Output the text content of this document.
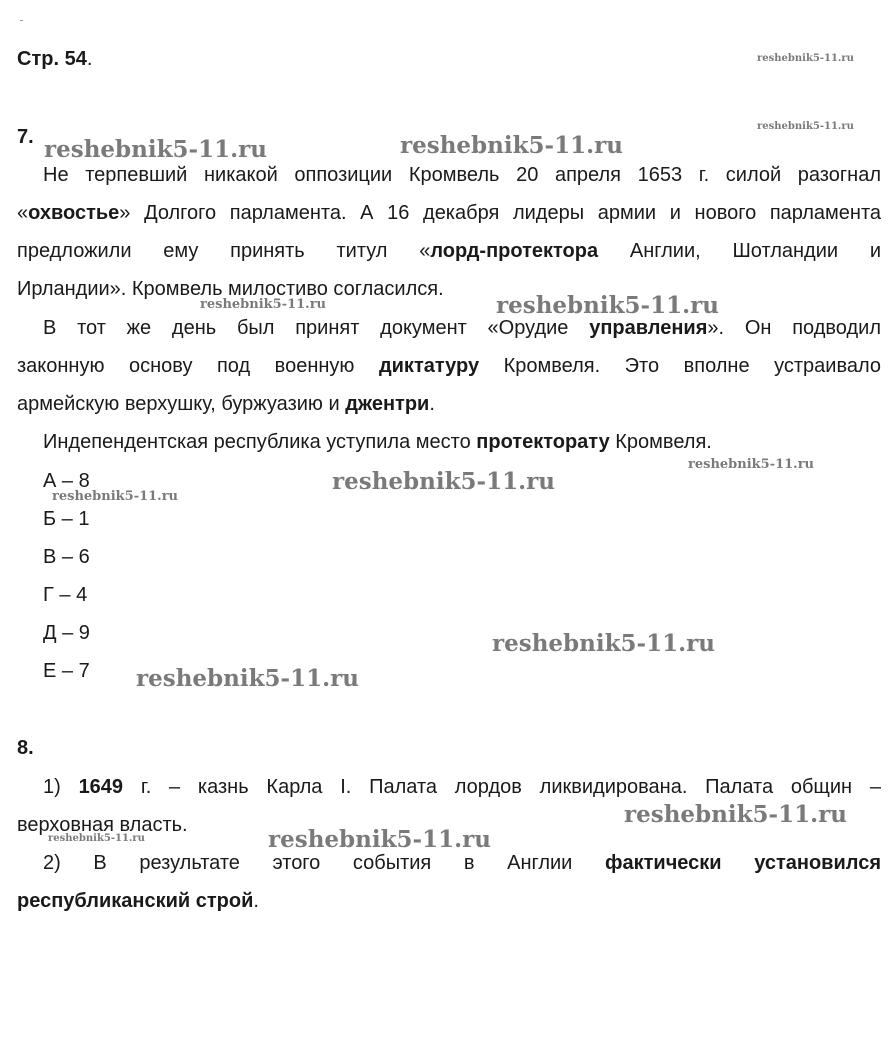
Стр. 54.
7.
Не терпевший никакой оппозиции Кромвель 20 апреля 1653 г. силой разогнал
«охвостье» Долгого парламента. А 16 декабря лидеры армии и нового парламента
предложили ему принять титул «лорд-протектора Англии, Шотландии и
Ирландии». Кромвель милостиво согласился.
В тот же день был принят документ «Орудие управления». Он подводил
законную основу под военную диктатуру Кромвеля. Это вполне устраивало
армейскую верхушку, буржуазию и джентри.
Индепендентская республика уступила место протекторату Кромвеля.
А – 8
Б – 1
В – 6
Г – 4
Д – 9
Е – 7
8.
1) 1649 г. – казнь Карла I. Палата лордов ликвидирована. Палата общин –
верховная власть.
2) В результате этого события в Англии фактически установился
республиканский строй.
reshebnik5-11.ru
reshebnik5-11.ru
reshebnik5-11.ru	reshebnik5-11.ru
reshebnik5-11.ru	reshebnik5-11.ru
reshebnik5-11.ru
reshebnik5-11.ru
reshebnik5-11.ru
reshebnik5-11.ru
reshebnik5-11.ru
reshebnik5-11.ru
reshebnik5-11.ru	reshebnik5-11.ru
